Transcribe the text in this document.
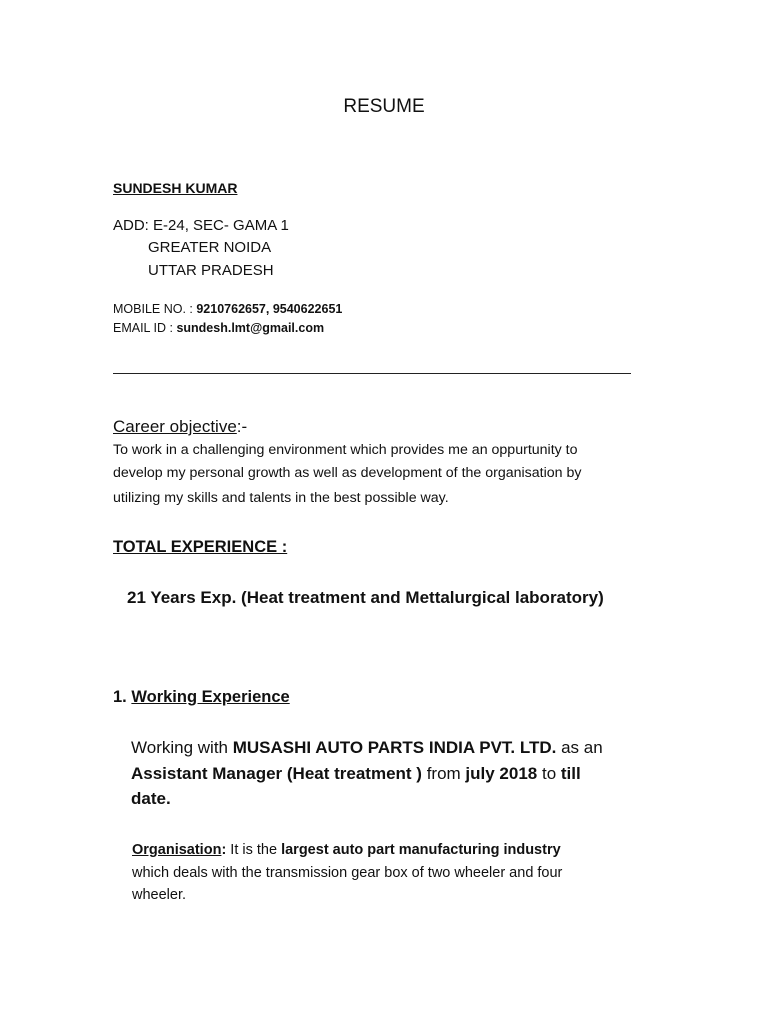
RESUME
SUNDESH KUMAR
ADD: E-24, SEC- GAMA 1
GREATER NOIDA
UTTAR PRADESH
MOBILE NO. : 9210762657, 9540622651
EMAIL ID : sundesh.lmt@gmail.com
Career objective:-
To work in a challenging environment which provides me an oppurtunity to
develop my personal growth as well as development of the organisation by
utilizing my skills and talents in the best possible way.
TOTAL EXPERIENCE :
21 Years Exp. (Heat treatment and Mettalurgical laboratory)
1. Working Experience
Working with MUSASHI AUTO PARTS INDIA PVT. LTD. as an
Assistant Manager (Heat treatment ) from july 2018 to till
date.
Organisation: It is the largest auto part manufacturing industry
which deals with the transmission gear box of two wheeler and four
wheeler.
